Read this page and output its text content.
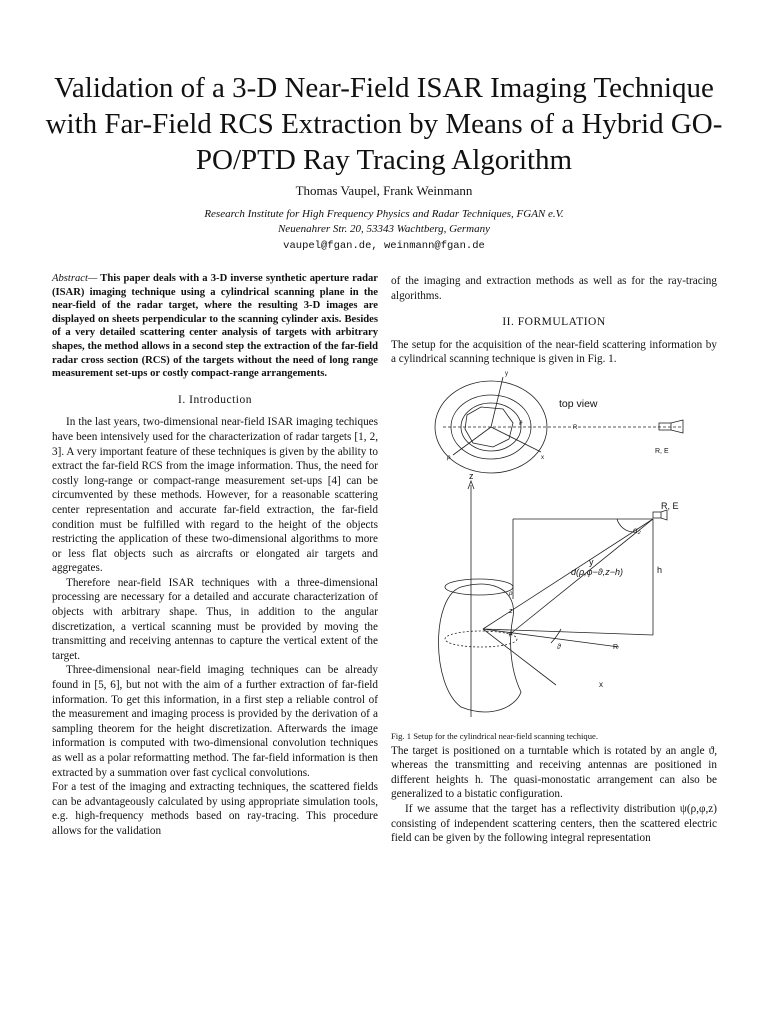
Validation of a 3-D Near-Field ISAR Imaging Technique with Far-Field RCS Extraction by Means of a Hybrid GO-PO/PTD Ray Tracing Algorithm
Thomas Vaupel, Frank Weinmann
Research Institute for High Frequency Physics and Radar Techniques, FGAN e.V.
Neuenahrer Str. 20, 53343 Wachtberg, Germany
vaupel@fgan.de, weinmann@fgan.de

Abstract— This paper deals with a 3-D inverse synthetic aperture radar (ISAR) imaging technique using a cylindrical scanning plane in the near-field of the radar target, where the resulting 3-D images are displayed on sheets perpendicular to the scanning cylinder axis. Besides of a very detailed scattering center analysis of targets with arbitrary shapes, the method allows in a second step the extraction of the far-field radar cross section (RCS) of the targets without the need of long range measurement set-ups or costly compact-range arrangements.

I. Introduction

In the last years, two-dimensional near-field ISAR imaging techiques have been intensively used for the characterization of radar targets [1, 2, 3]. A very important feature of these techniques is given by the ability to extract the far-field RCS from the image information. Thus, the need for costly long-range or compact-range measurement set-ups [4] can be circumvented by these methods. However, for a reasonable scattering center representation and accurate far-field extraction, the far-field condition must be fulfilled with regard to the height of the objects restricting the application of these two-dimensional algorithms to more or less flat objects such as aircrafts or elongated air targets and aggregates.

Therefore near-field ISAR techniques with a three-dimensional processing are necessary for a detailed and accurate characterization of objects with arbitrary shape. Thus, in addition to the angular discretization, a vertical scanning must be provided by moving the transmitting and receiving antennas to capture the vertical extent of the target.

Three-dimensional near-field imaging techniques can be already found in [5, 6], but not with the aim of a further extraction of far-field information. To get this information, in a first step a reliable control of the measurement and imaging process is provided by the derivation of a sampling theorem for the height discretization. Afterwards the image information is computed with two-dimensional convolution techniques as well as a polar reformatting method. The far-field information is then extracted by a summation over fast cyclical convolutions.

For a test of the imaging and extracting techniques, the scattered fields can be advantageously calculated by using appropriate simulation tools, e.g. high-frequency methods based on ray-tracing. This procedure allows for the validation

of the imaging and extraction methods as well as for the ray-tracing algorithms.

II. FORMULATION

The setup for the acquisition of the near-field scattering information by a cylindrical scanning technique is given in Fig. 1.

top view
R, E
z
R, E
y
h
R
x
z
α₂
d(ρ,φ−ϑ,z−h)
ϑ
ρ
ρ
R
x
y
ρ
ϑ

Fig. 1 Setup for the cylindrical near-field scanning techique.

The target is positioned on a turntable which is rotated by an angle ϑ, whereas the transmitting and receiving antennas are positioned in different heights h. The quasi-monostatic arrangement can also be generalized to a bistatic configuration.

If we assume that the target has a reflectivity distribution ψ(ρ,φ,z) consisting of independent scattering centers, then the scattered electric field can be given by the following integral representation
